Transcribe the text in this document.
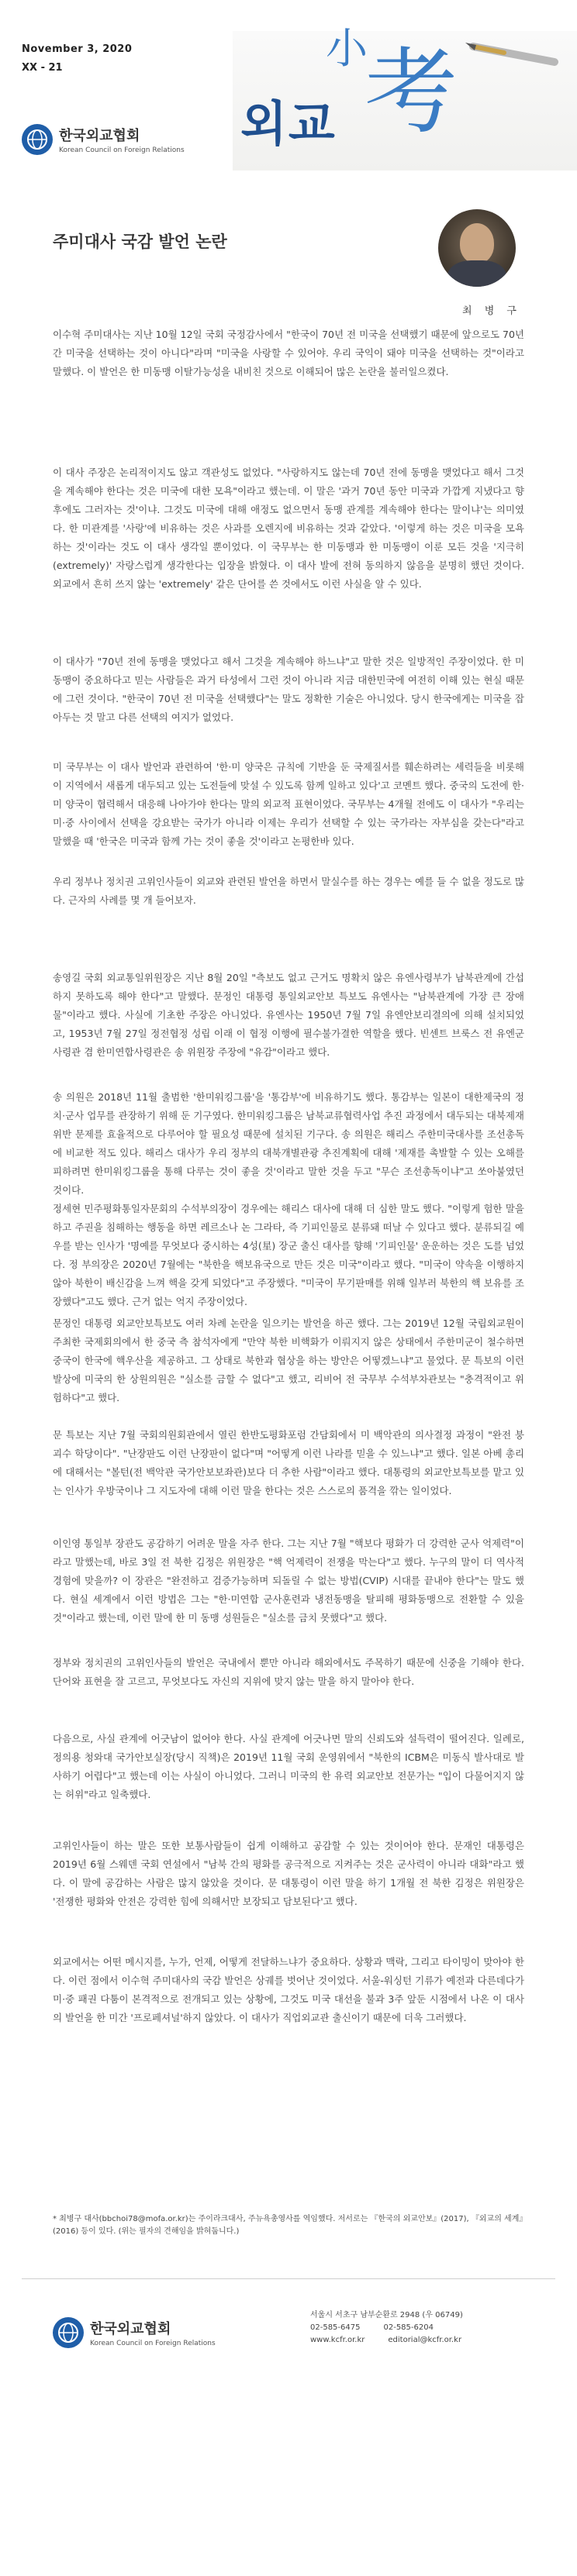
November 3, 2020
XX - 21
한국외교협회
Korean Council on Foreign Relations
小
외교 考
주미대사 국감 발언 논란
최 병 구

이수혁 주미대사는 지난 10월 12일 국회 국정감사에서 "한국이 70년 전 미국을 선택했기 때문에 앞으로도 70년간 미국을 선택하는 것이 아니다"라며 "미국을 사랑할 수 있어야. 우리 국익이 돼야 미국을 선택하는 것"이라고 말했다. 이 발언은 한 미동맹 이탈가능성을 내비친 것으로 이해되어 많은 논란을 불러일으켰다.

이 대사 주장은 논리적이지도 않고 객관성도 없었다. "사랑하지도 않는데 70년 전에 동맹을 맺었다고 해서 그것을 계속해야 한다는 것은 미국에 대한 모욕"이라고 했는데. 이 말은 '과거 70년 동안 미국과 가깝게 지냈다고 향후에도 그러자는 것'이냐. 그것도 미국에 대해 애정도 없으면서 동맹 관계를 계속해야 한다는 말이냐'는 의미였다. 한 미관계를 '사랑'에 비유하는 것은 사과를 오렌지에 비유하는 것과 같았다. '이렇게 하는 것은 미국을 모욕하는 것'이라는 것도 이 대사 생각일 뿐이었다. 이 국무부는 한 미동맹과 한 미동맹이 이룬 모든 것을 '지극히(extremely)' 자랑스럽게 생각한다는 입장을 밝혔다. 이 대사 발에 전혀 동의하지 않음을 분명히 했던 것이다. 외교에서 흔히 쓰지 않는 'extremely' 같은 단어를 쓴 것에서도 이런 사실을 알 수 있다.

이 대사가 "70년 전에 동맹을 맺었다고 해서 그것을 계속해야 하느냐"고 말한 것은 일방적인 주장이었다. 한 미동맹이 중요하다고 믿는 사람들은 과거 타성에서 그런 것이 아니라 지금 대한민국에 여전히 이해 있는 현실 때문에 그런 것이다. "한국이 70년 전 미국을 선택했다"는 말도 정확한 기술은 아니었다. 당시 한국에게는 미국을 잡아두는 것 말고 다른 선택의 여지가 없었다.

미 국무부는 이 대사 발언과 관련하여 '한·미 양국은 규칙에 기반을 둔 국제질서를 훼손하려는 세력들을 비롯해 이 지역에서 새롭게 대두되고 있는 도전들에 맞설 수 있도록 함께 일하고 있다'고 코멘트 했다. 중국의 도전에 한·미 양국이 협력해서 대응해 나아가야 한다는 말의 외교적 표현이었다. 국무부는 4개월 전에도 이 대사가 "우리는 미·중 사이에서 선택을 강요받는 국가가 아니라 이제는 우리가 선택할 수 있는 국가라는 자부심을 갖는다"라고 말했을 때 '한국은 미국과 함께 가는 것이 좋을 것'이라고 논평한바 있다.

우리 정부나 정치권 고위인사들이 외교와 관련된 발언을 하면서 말실수를 하는 경우는 예를 들 수 없을 정도로 많다. 근자의 사례를 몇 개 들어보자.

송영길 국회 외교통일위원장은 지난 8월 20일 "측보도 없고 근거도 명확치 않은 유엔사령부가 남북관계에 간섭하지 못하도록 해야 한다"고 말했다. 문정인 대통령 통일외교안보 특보도 유엔사는 "남북관계에 가장 큰 장애물"이라고 했다. 사실에 기초한 주장은 아니었다. 유엔사는 1950년 7월 7일 유엔안보리결의에 의해 설치되었고, 1953년 7월 27일 정전협정 성립 이래 이 협정 이행에 필수불가결한 역할을 했다. 빈센트 브룩스 전 유엔군사령관 겸 한미연합사령관은 송 위원장 주장에 "유감"이라고 했다.

송 의원은 2018년 11월 출범한 '한미워킹그룹'을 '통감부'에 비유하기도 했다. 통감부는 일본이 대한제국의 정치·군사 업무를 관장하기 위해 둔 기구였다. 한미워킹그룹은 남북교류협력사업 추진 과정에서 대두되는 대북제재 위반 문제를 효율적으로 다루어야 할 필요성 때문에 설치된 기구다. 송 의원은 해리스 주한미국대사를 조선총독에 비교한 적도 있다. 해리스 대사가 우리 정부의 대북개별관광 추진계획에 대해 '제재를 촉발할 수 있는 오해를 피하려면 한미워킹그룹을 통해 다루는 것이 좋을 것'이라고 말한 것을 두고 "무슨 조선총독이냐"고 쏘아붙였던 것이다.

정세현 민주평화통일자문회의 수석부의장이 경우에는 해리스 대사에 대해 더 심한 말도 했다. "이렇게 험한 말을 하고 주권을 침해하는 행동을 하면 레르소나 논 그라타, 즉 기피인물로 분류돼 떠날 수 있다고 했다. 분류되길 예우를 받는 인사가 '명예를 무엇보다 중시하는 4성(星) 장군 출신 대사를 향해 '기피인물' 운운하는 것은 도를 넘었다. 정 부의장은 2020년 7월에는 "북한을 핵보유국으로 만든 것은 미국"이라고 했다. "미국이 약속을 이행하지 않아 북한이 배신감을 느껴 핵을 갖게 되었다"고 주장했다. "미국이 무기판매를 위해 일부러 북한의 핵 보유를 조장했다"고도 했다. 근거 없는 억지 주장이었다.

문정인 대통령 외교안보특보도 여러 차례 논란을 일으키는 발언을 하곤 했다. 그는 2019년 12월 국립외교원이 주최한 국제회의에서 한 중국 측 참석자에게 "만약 북한 비핵화가 이뤄지지 않은 상태에서 주한미군이 철수하면 중국이 한국에 핵우산을 제공하고. 그 상태로 북한과 협상을 하는 방안은 어떻겠느냐"고 물었다. 문 특보의 이런 발상에 미국의 한 상원의원은 "실소를 금할 수 없다"고 했고, 리비어 전 국무부 수석부차관보는 "충격적이고 위험하다"고 했다.

문 특보는 지난 7월 국회의원회관에서 열린 한반도평화포럼 간담회에서 미 백악관의 의사결정 과정이 "완전 붕괴수 학당이다". "난장판도 이런 난장판이 없다"며 "어떻게 이런 나라를 믿을 수 있느냐"고 했다. 일본 아베 총리에 대해서는 "볼턴(전 백악관 국가안보보좌관)보다 더 추한 사람"이라고 했다. 대통령의 외교안보특보를 맡고 있는 인사가 우방국이나 그 지도자에 대해 이런 말을 한다는 것은 스스로의 품격을 깎는 일이었다.

이인영 통일부 장관도 공감하기 어려운 말을 자주 한다. 그는 지난 7월 "핵보다 평화가 더 강력한 군사 억제력"이라고 말했는데, 바로 3일 전 북한 김정은 위원장은 "핵 억제력이 전쟁을 막는다"고 했다. 누구의 말이 더 역사적 경험에 맞을까? 이 장관은 "완전하고 검증가능하며 되돌릴 수 없는 방법(CVIP) 시대를 끝내야 한다"는 말도 했다. 현실 세계에서 이런 방법은 그는 "한·미연합 군사훈련과 냉전동맹을 탈피해 평화동맹으로 전환할 수 있을 것"이라고 했는데, 이런 말에 한 미 동맹 성원들은 "실소를 금치 못했다"고 했다.

정부와 정치권의 고위인사들의 발언은 국내에서 뿐만 아니라 해외에서도 주목하기 때문에 신중을 기해야 한다. 단어와 표현을 잘 고르고, 무엇보다도 자신의 지위에 맞지 않는 말을 하지 말아야 한다.

다음으로, 사실 관계에 어긋남이 없어야 한다. 사실 관계에 어긋나면 말의 신뢰도와 설득력이 떨어진다. 일례로, 정의용 청와대 국가안보실장(당시 직책)은 2019년 11월 국회 운영위에서 "북한의 ICBM은 미동식 발사대로 발사하기 어렵다"고 했는데 이는 사실이 아니었다. 그러니 미국의 한 유력 외교안보 전문가는 "입이 다물어지지 않는 허위"라고 일축했다.

고위인사들이 하는 말은 또한 보통사람들이 쉽게 이해하고 공감할 수 있는 것이어야 한다. 문재인 대통령은 2019년 6월 스웨덴 국회 연설에서 "남북 간의 평화를 공극적으로 지켜주는 것은 군사력이 아니라 대화"라고 했다. 이 말에 공감하는 사람은 많지 않았을 것이다. 문 대통령이 이런 말을 하기 1개월 전 북한 김정은 위원장은 '전쟁한 평화와 안전은 강력한 힘에 의해서만 보장되고 담보된다'고 했다.

외교에서는 어떤 메시지를, 누가, 언제, 어떻게 전달하느냐가 중요하다. 상황과 맥락, 그리고 타이밍이 맞아야 한다. 이런 점에서 이수혁 주미대사의 국감 발언은 상궤를 벗어난 것이었다. 서울-워싱턴 기류가 예전과 다른데다가 미·중 패권 다툼이 본격적으로 전개되고 있는 상황에, 그것도 미국 대선을 불과 3주 앞둔 시점에서 나온 이 대사의 발언을 한 미간 '프로페셔널'하지 않았다. 이 대사가 직업외교관 출신이기 때문에 더욱 그러했다.

* 최병구 대사(bbchoi78@mofa.or.kr)는 주이라크대사, 주뉴욕총영사를 역임했다. 저서로는 『한국의 외교안보』(2017), 『외교의 세계』(2016) 등이 있다. (위는 필자의 견해임을 밝혀둡니다.)
한국외교협회
Korean Council on Foreign Relations
서울시 서초구 남부순환로 2948 (우 06749)
02-585-6475	02-585-6204
www.kcfr.or.kr	editorial@kcfr.or.kr
